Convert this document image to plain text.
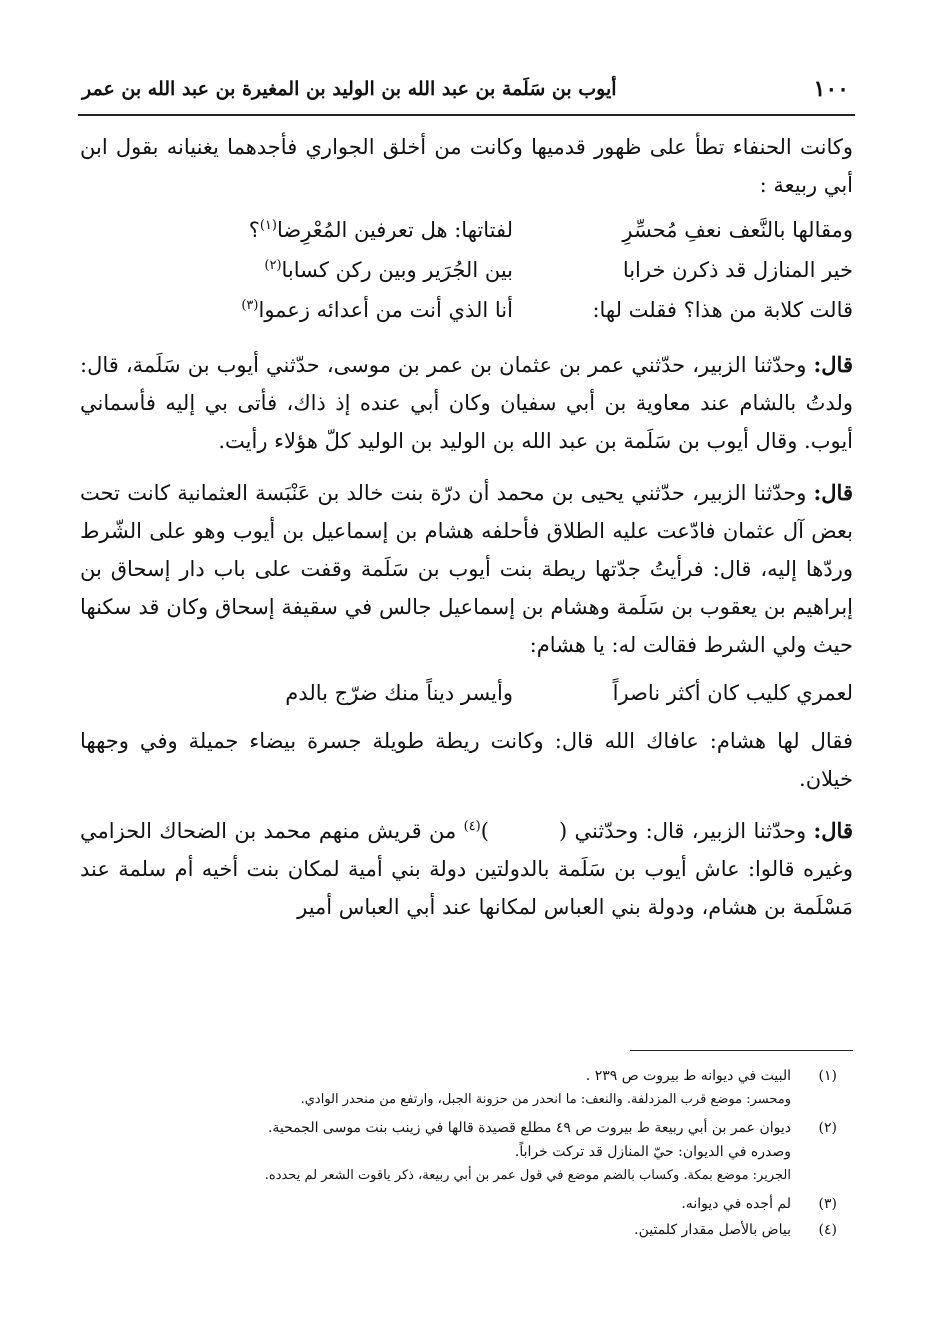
١٠٠
أيوب بن سَلَمة بن عبد الله بن الوليد بن المغيرة بن عبد الله بن عمر

وكانت الحنفاء تطأ على ظهور قدميها وكانت من أخلق الجواري فأجدهما يغنيانه بقول ابن أبي ربيعة :

ومقالها بالنَّعف نعفِ مُحسِّرِ
لفتاتها: هل تعرفين المُعْرِضا$^{(١)}$؟
خير المنازل قد ذكرن خرابا
بين الجُرَير وبين ركن كسابا$^{(٢)}$
قالت كلابة من هذا؟ فقلت لها:
أنا الذي أنت من أعدائه زعموا$^{(٣)}$

قال: وحدّثنا الزبير، حدّثني عمر بن عثمان بن عمر بن موسى، حدّثني أيوب بن سَلَمة، قال: ولدتُ بالشام عند معاوية بن أبي سفيان وكان أبي عنده إذ ذاك، فأتى بي إليه فأسماني أيوب. وقال أيوب بن سَلَمة بن عبد الله بن الوليد بن الوليد كلّ هؤلاء رأيت.

قال: وحدّثنا الزبير، حدّثني يحيى بن محمد أن درّة بنت خالد بن عَنْبَسة العثمانية كانت تحت بعض آل عثمان فادّعت عليه الطلاق فأحلفه هشام بن إسماعيل بن أيوب وهو على الشّرط وردّها إليه، قال: فرأيتُ جدّتها ريطة بنت أيوب بن سَلَمة وقفت على باب دار إسحاق بن إبراهيم بن يعقوب بن سَلَمة وهشام بن إسماعيل جالس في سقيفة إسحاق وكان قد سكنها حيث ولي الشرط فقالت له: يا هشام:

لعمري كليب كان أكثر ناصراً
وأيسر ديناً منك ضرّج بالدم

فقال لها هشام: عافاك الله قال: وكانت ريطة طويلة جسرة بيضاء جميلة وفي وجهها خيلان.

قال: وحدّثنا الزبير، قال: وحدّثني ()$^{(٤)}$ من قريش منهم محمد بن الضحاك الحزامي وغيره قالوا: عاش أيوب بن سَلَمة بالدولتين دولة بني أمية لمكان بنت أخيه أم سلمة عند مَسْلَمة بن هشام، ودولة بني العباس لمكانها عند أبي العباس أمير

(١)
البيت في ديوانه ط بيروت ص ٢٣٩ .
ومحسر: موضع قرب المزدلفة. والنعف: ما انحدر من حزونة الجبل، وارتفع من منحدر الوادي.
(٢)
ديوان عمر بن أبي ربيعة ط بيروت ص ٤٩ مطلع قصيدة قالها في زينب بنت موسى الجمحية.
وصدره في الديوان: حيّ المنازل قد تركت خراباً.
الجرير: موضع بمكة. وكساب بالضم موضع في قول عمر بن أبي ربيعة، ذكر ياقوت الشعر لم يحدده.
(٣)
لم أجده في ديوانه.
(٤)
بياض بالأصل مقدار كلمتين.
